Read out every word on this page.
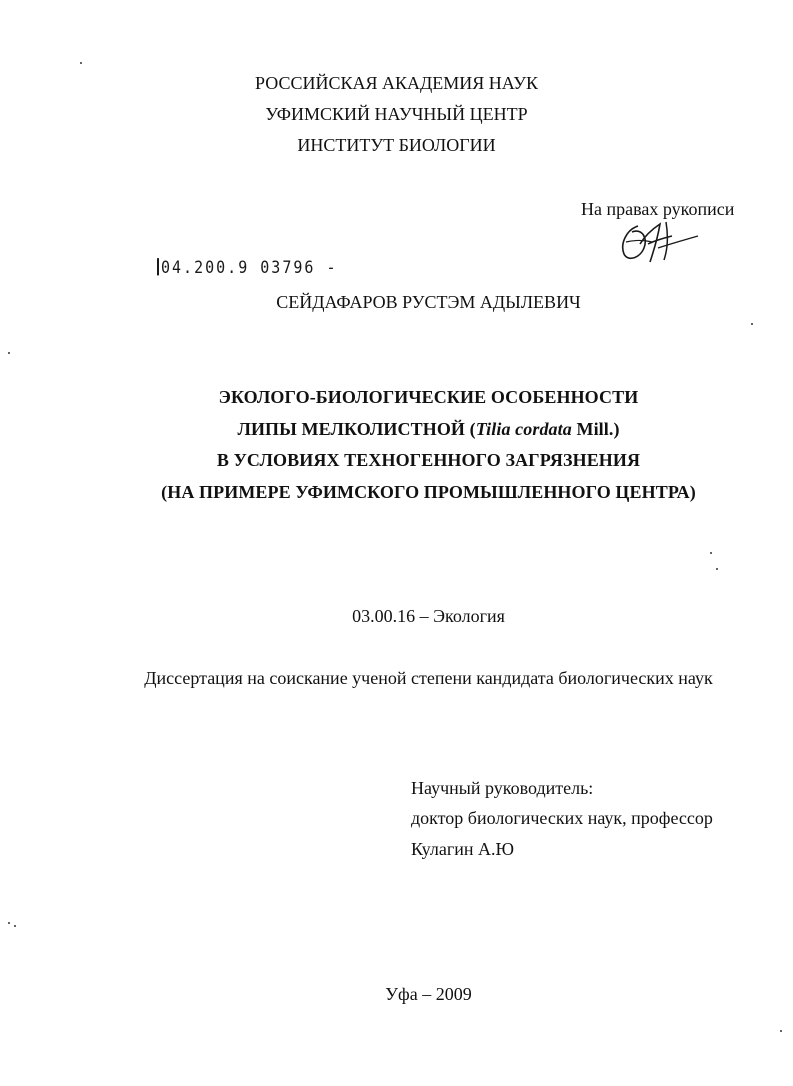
РОССИЙСКАЯ АКАДЕМИЯ НАУК
УФИМСКИЙ НАУЧНЫЙ ЦЕНТР
ИНСТИТУТ БИОЛОГИИ
На правах рукописи
04.200.9 03796 -
СЕЙДАФАРОВ РУСТЭМ АДЫЛЕВИЧ
ЭКОЛОГО-БИОЛОГИЧЕСКИЕ ОСОБЕННОСТИ
ЛИПЫ МЕЛКОЛИСТНОЙ (Tilia cordata Mill.)
В УСЛОВИЯХ ТЕХНОГЕННОГО ЗАГРЯЗНЕНИЯ
(НА ПРИМЕРЕ УФИМСКОГО ПРОМЫШЛЕННОГО ЦЕНТРА)
03.00.16 – Экология
Диссертация на соискание ученой степени кандидата биологических наук
Научный руководитель:
доктор биологических наук, профессор
Кулагин А.Ю
Уфа – 2009
